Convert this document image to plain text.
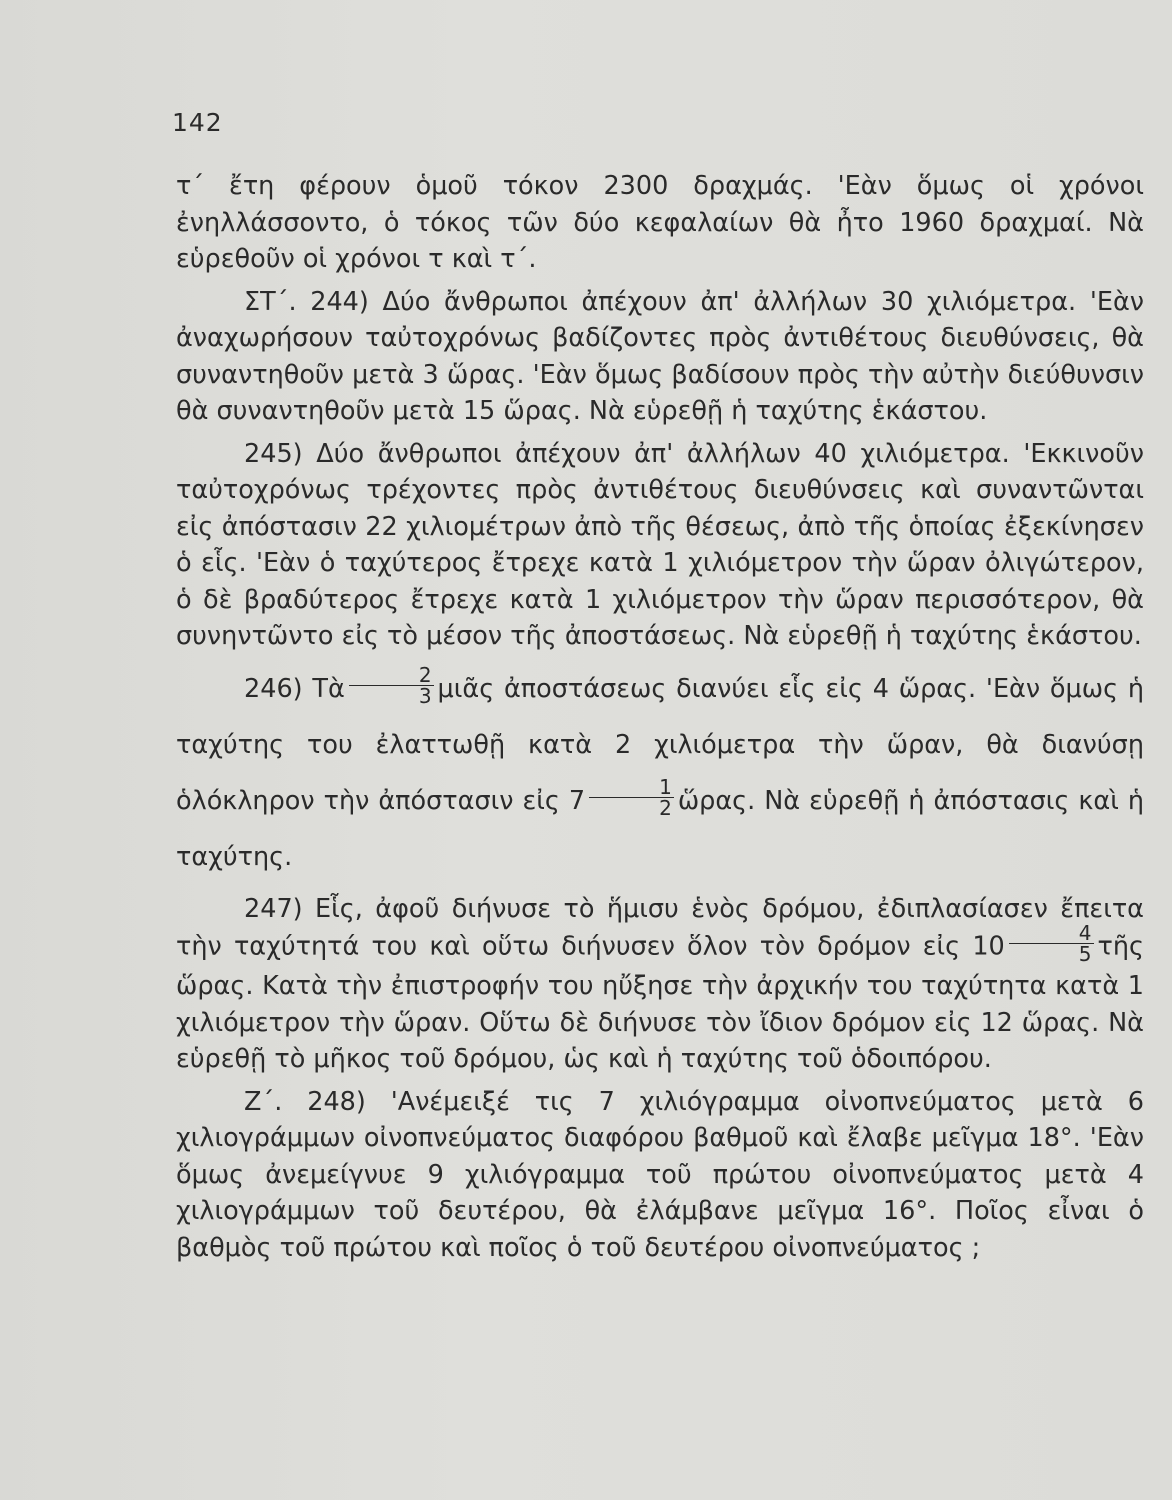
142

τ΄ ἔτη φέρουν ὁμοῦ τόκον 2300 δραχμάς. 'Εὰν ὅμως οἱ χρόνοι ἐνηλλάσσοντο, ὁ τόκος τῶν δύο κεφαλαίων θὰ ἦτο 1960 δραχμαί. Νὰ εὑρεθοῦν οἱ χρόνοι τ καὶ τ΄.

ΣΤ΄. 244) Δύο ἄνθρωποι ἀπέχουν ἀπ' ἀλλήλων 30 χιλιόμετρα. 'Εὰν ἀναχωρήσουν ταὐτοχρόνως βαδίζοντες πρὸς ἀντιθέτους διευθύνσεις, θὰ συναντηθοῦν μετὰ 3 ὥρας. 'Εὰν ὅμως βαδίσουν πρὸς τὴν αὐτὴν διεύθυνσιν θὰ συναντηθοῦν μετὰ 15 ὥρας. Νὰ εὑρεθῇ ἡ ταχύτης ἑκάστου.

245) Δύο ἄνθρωποι ἀπέχουν ἀπ' ἀλλήλων 40 χιλιόμετρα. 'Εκκινοῦν ταὐτοχρόνως τρέχοντες πρὸς ἀντιθέτους διευθύνσεις καὶ συναντῶνται εἰς ἀπόστασιν 22 χιλιομέτρων ἀπὸ τῆς θέσεως, ἀπὸ τῆς ὁποίας ἐξεκίνησεν ὁ εἷς. 'Εὰν ὁ ταχύτερος ἔτρεχε κατὰ 1 χιλιόμετρον τὴν ὥραν ὀλιγώτερον, ὁ δὲ βραδύτερος ἔτρεχε κατὰ 1 χιλιόμετρον τὴν ὥραν περισσότερον, θὰ συνηντῶντο εἰς τὸ μέσον τῆς ἀποστάσεως. Νὰ εὑρεθῇ ἡ ταχύτης ἑκάστου.

246) Τὰ $\frac{2}{3}$ μιᾶς ἀποστάσεως διανύει εἷς εἰς 4 ὥρας. 'Εὰν ὅμως ἡ ταχύτης του ἐλαττωθῇ κατὰ 2 χιλιόμετρα τὴν ὥραν, θὰ διανύσῃ ὁλόκληρον τὴν ἀπόστασιν εἰς $7 \frac{1}{2}$ ὥρας. Νὰ εὑρεθῇ ἡ ἀπόστασις καὶ ἡ ταχύτης.

247) Εἷς, ἀφοῦ διήνυσε τὸ ἥμισυ ἑνὸς δρόμου, ἐδιπλασίασεν ἔπειτα τὴν ταχύτητά του καὶ οὕτω διήνυσεν ὅλον τὸν δρόμον εἰς $10 \frac{4}{5}$ τῆς ὥρας. Κατὰ τὴν ἐπιστροφήν του ηὔξησε τὴν ἀρχικήν του ταχύτητα κατὰ 1 χιλιόμετρον τὴν ὥραν. Οὕτω δὲ διήνυσε τὸν ἴδιον δρόμον εἰς 12 ὥρας. Νὰ εὑρεθῇ τὸ μῆκος τοῦ δρόμου, ὡς καὶ ἡ ταχύτης τοῦ ὁδοιπόρου.

Ζ΄. 248) 'Ανέμειξέ τις 7 χιλιόγραμμα οἰνοπνεύματος μετὰ 6 χιλιογράμμων οἰνοπνεύματος διαφόρου βαθμοῦ καὶ ἔλαβε μεῖγμα 18°. 'Εὰν ὅμως ἀνεμείγνυε 9 χιλιόγραμμα τοῦ πρώτου οἰνοπνεύματος μετὰ 4 χιλιογράμμων τοῦ δευτέρου, θὰ ἐλάμβανε μεῖγμα 16°. Ποῖος εἶναι ὁ βαθμὸς τοῦ πρώτου καὶ ποῖος ὁ τοῦ δευτέρου οἰνοπνεύματος ;
